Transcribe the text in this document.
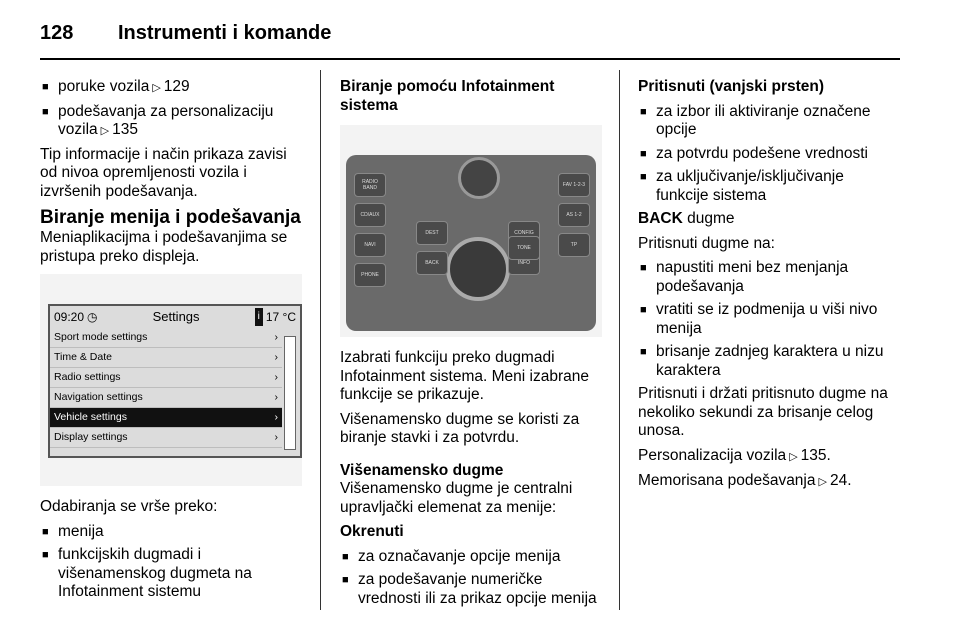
128 Instrumenti i komande
■ poruke vozila ▷ 129
■ podešavanja za personalizaciju vozila ▷ 135

Tip informacije i način prikaza zavisi od nivoa opremljenosti vozila i izvršenih podešavanja.

Biranje menija i podešavanja

Meniaplikacijma i podešavanjima se pristupa preko displeja.

09:20 ◷	Settings	i 17 °C
Sport mode settings	›
Time & Date	›
Radio settings	›
Navigation settings	›
Vehicle settings	›
Display settings	›

Odabiranja se vrše preko:

■ menija
■ funkcijskih dugmadi i višenamenskog dugmeta na Infotainment sistemu

Biranje pomoću Infotainment sistema

RADIO BAND
CD/AUX
NAVI
PHONE
FAV 1-2-3
AS 1-2
TP
DEST	CONFIG
INFO
TONE
BACK

Izabrati funkciju preko dugmadi Infotainment sistema. Meni izabrane funkcije se prikazuje.

Višenamensko dugme se koristi za biranje stavki i za potvrdu.

Višenamensko dugme

Višenamensko dugme je centralni upravljački elemenat za menije:

Okrenuti

■ za označavanje opcije menija
■ za podešavanje numeričke vrednosti ili za prikaz opcije menija

Pritisnuti (vanjski prsten)

■ za izbor ili aktiviranje označene opcije
■ za potvrdu podešene vrednosti
■ za uključivanje/isključivanje funkcije sistema

BACK dugme

Pritisnuti dugme na:

■ napustiti meni bez menjanja podešavanja
■ vratiti se iz podmenija u viši nivo menija
■ brisanje zadnjeg karaktera u nizu karaktera

Pritisnuti i držati pritisnuto dugme na nekoliko sekundi za brisanje celog unosa.

Personalizacija vozila ▷ 135.

Memorisana podešavanja ▷ 24.
